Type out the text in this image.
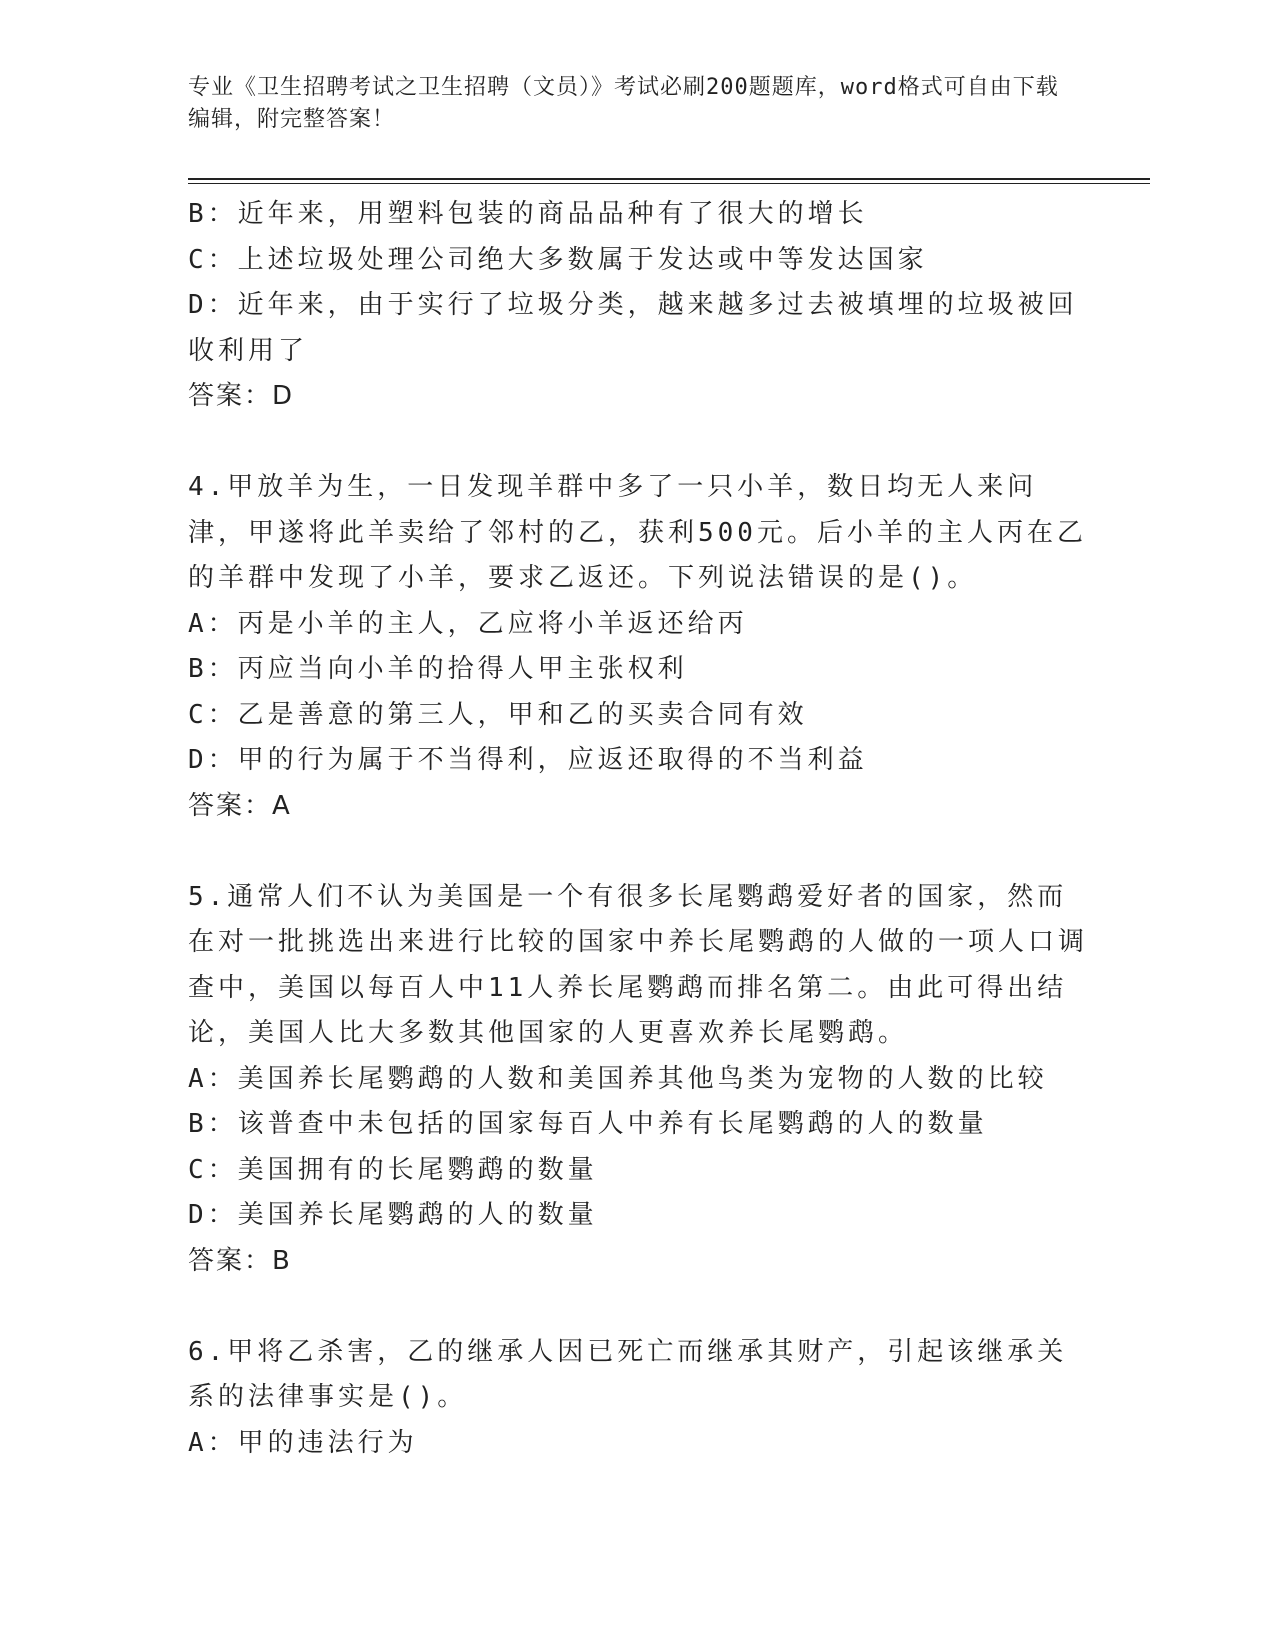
专业《卫生招聘考试之卫生招聘（文员）》考试必刷200题题库，word格式可自由下载编辑，附完整答案！
B：近年来，用塑料包装的商品品种有了很大的增长
C：上述垃圾处理公司绝大多数属于发达或中等发达国家
D：近年来，由于实行了垃圾分类，越来越多过去被填埋的垃圾被回收利用了
答案：D
4.甲放羊为生，一日发现羊群中多了一只小羊，数日均无人来问津，甲遂将此羊卖给了邻村的乙，获利500元。后小羊的主人丙在乙的羊群中发现了小羊，要求乙返还。下列说法错误的是()。
A：丙是小羊的主人，乙应将小羊返还给丙
B：丙应当向小羊的拾得人甲主张权利
C：乙是善意的第三人，甲和乙的买卖合同有效
D：甲的行为属于不当得利，应返还取得的不当利益
答案：A
5.通常人们不认为美国是一个有很多长尾鹦鹉爱好者的国家，然而在对一批挑选出来进行比较的国家中养长尾鹦鹉的人做的一项人口调查中，美国以每百人中11人养长尾鹦鹉而排名第二。由此可得出结论，美国人比大多数其他国家的人更喜欢养长尾鹦鹉。
A：美国养长尾鹦鹉的人数和美国养其他鸟类为宠物的人数的比较
B：该普查中未包括的国家每百人中养有长尾鹦鹉的人的数量
C：美国拥有的长尾鹦鹉的数量
D：美国养长尾鹦鹉的人的数量
答案：B
6.甲将乙杀害，乙的继承人因已死亡而继承其财产，引起该继承关系的法律事实是()。
A：甲的违法行为
